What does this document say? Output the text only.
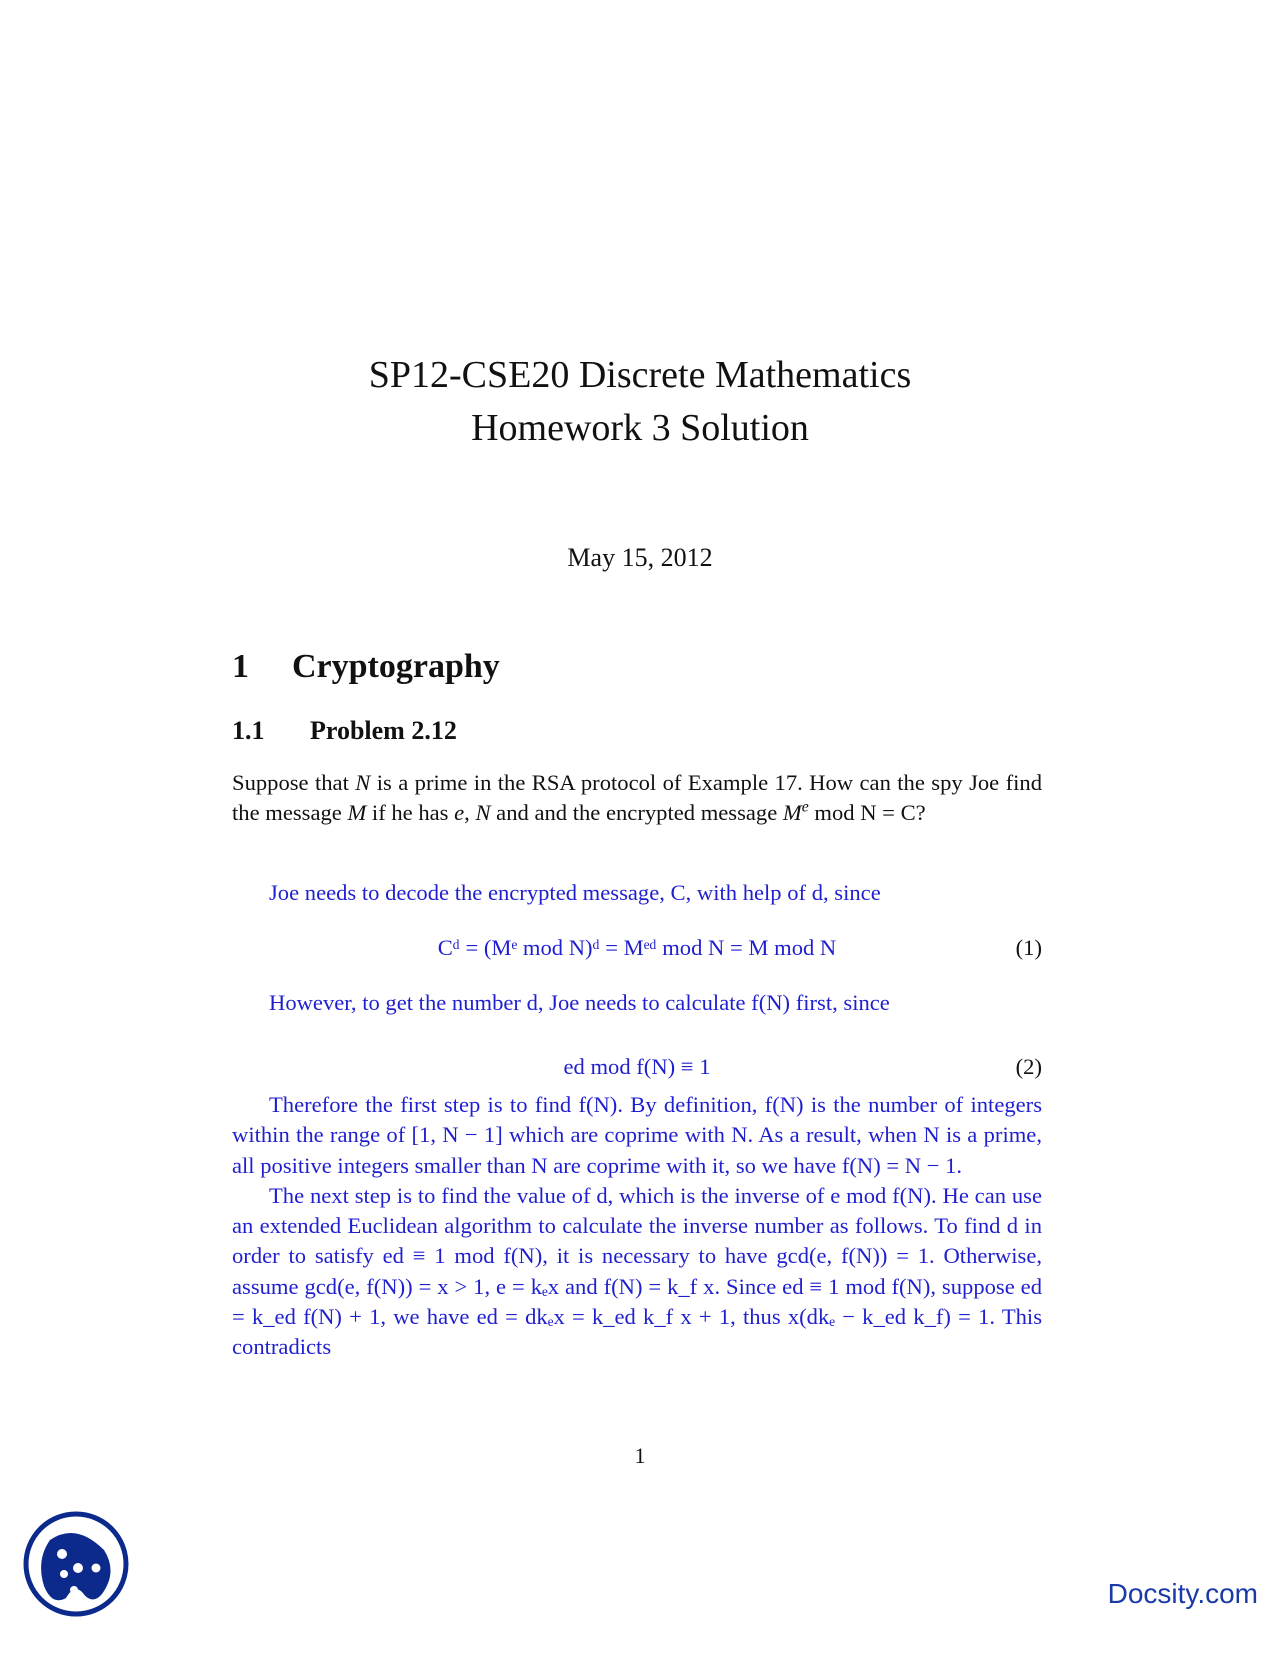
SP12-CSE20 Discrete Mathematics
Homework 3 Solution
May 15, 2012
1 Cryptography
1.1 Problem 2.12
Suppose that N is a prime in the RSA protocol of Example 17. How can the spy Joe find the message M if he has e, N and and the encrypted message Me mod N = C?
Joe needs to decode the encrypted message, C, with help of d, since
Cᵈ = (Mᵉ mod N)ᵈ = Mᵉᵈ mod N = M mod N	(1)
However, to get the number d, Joe needs to calculate f(N) first, since
ed mod f(N) ≡ 1	(2)
Therefore the first step is to find f(N). By definition, f(N) is the number of integers within the range of [1, N − 1] which are coprime with N. As a result, when N is a prime, all positive integers smaller than N are coprime with it, so we have f(N) = N − 1.
The next step is to find the value of d, which is the inverse of e mod f(N). He can use an extended Euclidean algorithm to calculate the inverse number as follows. To find d in order to satisfy ed ≡ 1 mod f(N), it is necessary to have gcd(e, f(N)) = 1. Otherwise, assume gcd(e, f(N)) = x > 1, e = kₑx and f(N) = k_f x. Since ed ≡ 1 mod f(N), suppose ed = k_ed f(N) + 1, we have ed = dkₑx = k_ed k_f x + 1, thus x(dkₑ − k_ed k_f) = 1. This contradicts
1
Docsity.com
